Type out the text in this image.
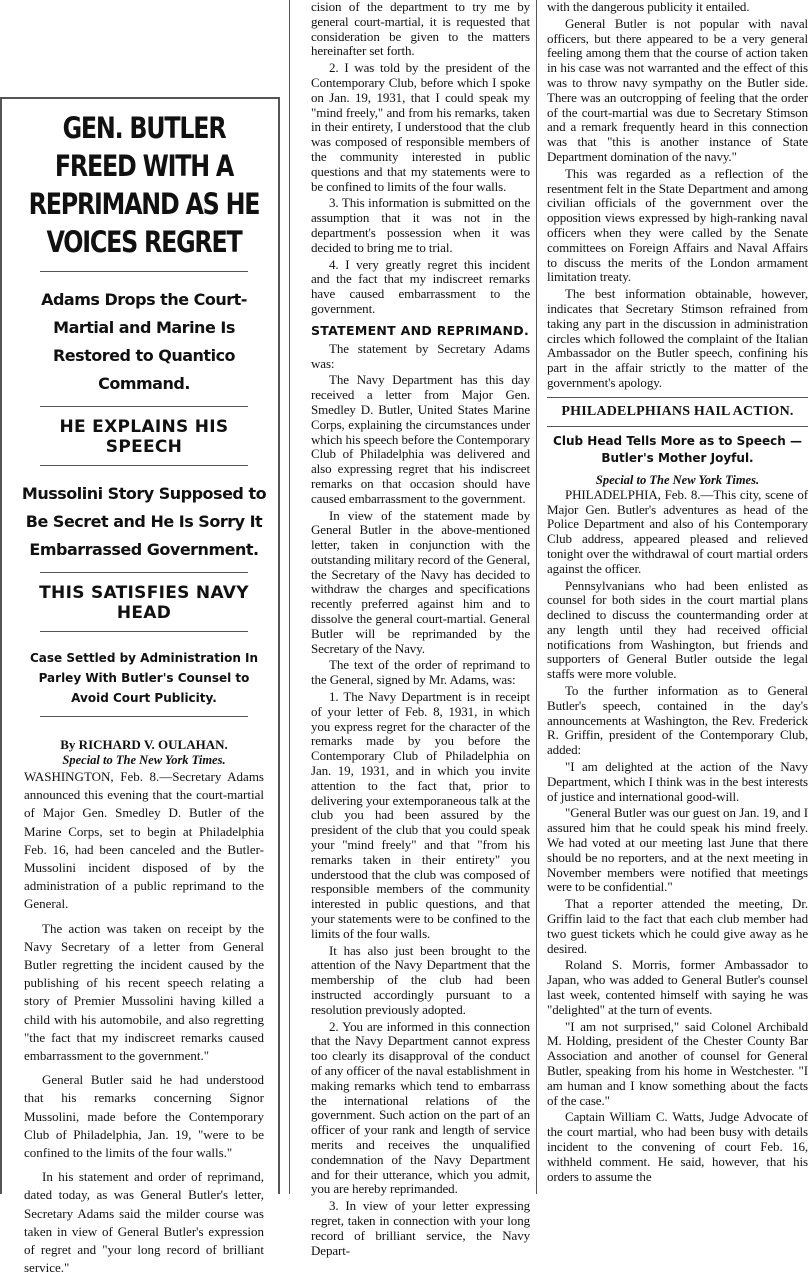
GEN. BUTLER FREED WITH A REPRIMAND AS HE VOICES REGRET
Adams Drops the Court-Martial and Marine Is Restored to Quantico Command.
HE EXPLAINS HIS SPEECH
Mussolini Story Supposed to Be Secret and He Is Sorry It Embarrassed Government.
THIS SATISFIES NAVY HEAD
Case Settled by Administration In Parley With Butler's Counsel to Avoid Court Publicity.
By RICHARD V. OULAHAN.
Special to The New York Times.

WASHINGTON, Feb. 8.—Secretary Adams announced this evening that the court-martial of Major Gen. Smedley D. Butler of the Marine Corps, set to begin at Philadelphia Feb. 16, had been canceled and the Butler-Mussolini incident disposed of by the administration of a public reprimand to the General.

The action was taken on receipt by the Navy Secretary of a letter from General Butler regretting the incident caused by the publishing of his recent speech relating a story of Premier Mussolini having killed a child with his automobile, and also regretting "the fact that my indiscreet remarks caused embarrassment to the government."

General Butler said he had understood that his remarks concerning Signor Mussolini, made before the Contemporary Club of Philadelphia, Jan. 19, "were to be confined to the limits of the four walls."

In his statement and order of reprimand, dated today, as was General Butler's letter, Secretary Adams said the milder course was taken in view of General Butler's expression of regret and "your long record of brilliant service."

cision of the department to try me by general court-martial, it is requested that consideration be given to the matters hereinafter set forth.

2. I was told by the president of the Contemporary Club, before which I spoke on Jan. 19, 1931, that I could speak my "mind freely," and from his remarks, taken in their entirety, I understood that the club was composed of responsible members of the community interested in public questions and that my statements were to be confined to limits of the four walls.

3. This information is submitted on the assumption that it was not in the department's possession when it was decided to bring me to trial.

4. I very greatly regret this incident and the fact that my indiscreet remarks have caused embarrassment to the government.

STATEMENT AND REPRIMAND.

The statement by Secretary Adams was:

The Navy Department has this day received a letter from Major Gen. Smedley D. Butler, United States Marine Corps, explaining the circumstances under which his speech before the Contemporary Club of Philadelphia was delivered and also expressing regret that his indiscreet remarks on that occasion should have caused embarrassment to the government.

In view of the statement made by General Butler in the above-mentioned letter, taken in conjunction with the outstanding military record of the General, the Secretary of the Navy has decided to withdraw the charges and specifications recently preferred against him and to dissolve the general court-martial. General Butler will be reprimanded by the Secretary of the Navy.

The text of the order of reprimand to the General, signed by Mr. Adams, was:

1. The Navy Department is in receipt of your letter of Feb. 8, 1931, in which you express regret for the character of the remarks made by you before the Contemporary Club of Philadelphia on Jan. 19, 1931, and in which you invite attention to the fact that, prior to delivering your extemporaneous talk at the club you had been assured by the president of the club that you could speak your "mind freely" and that "from his remarks taken in their entirety" you understood that the club was composed of responsible members of the community interested in public questions, and that your statements were to be confined to the limits of the four walls.

It has also just been brought to the attention of the Navy Department that the membership of the club had been instructed accordingly pursuant to a resolution previously adopted.

2. You are informed in this connection that the Navy Department cannot express too clearly its disapproval of the conduct of any officer of the naval establishment in making remarks which tend to embarrass the international relations of the government. Such action on the part of an officer of your rank and length of service merits and receives the unqualified condemnation of the Navy Department and for their utterance, which you admit, you are hereby reprimanded.

3. In view of your letter expressing regret, taken in connection with your long record of brilliant service, the Navy Depart-

with the dangerous publicity it entailed.

General Butler is not popular with naval officers, but there appeared to be a very general feeling among them that the course of action taken in his case was not warranted and the effect of this was to throw navy sympathy on the Butler side. There was an outcropping of feeling that the order of the court-martial was due to Secretary Stimson and a remark frequently heard in this connection was that "this is another instance of State Department domination of the navy."

This was regarded as a reflection of the resentment felt in the State Department and among civilian officials of the government over the opposition views expressed by high-ranking naval officers when they were called by the Senate committees on Foreign Affairs and Naval Affairs to discuss the merits of the London armament limitation treaty.

The best information obtainable, however, indicates that Secretary Stimson refrained from taking any part in the discussion in administration circles which followed the complaint of the Italian Ambassador on the Butler speech, confining his part in the affair strictly to the matter of the government's apology.

PHILADELPHIANS HAIL ACTION.
Club Head Tells More as to Speech —Butler's Mother Joyful.
Special to The New York Times.

PHILADELPHIA, Feb. 8.—This city, scene of Major Gen. Butler's adventures as head of the Police Department and also of his Contemporary Club address, appeared pleased and relieved tonight over the withdrawal of court martial orders against the officer.

Pennsylvanians who had been enlisted as counsel for both sides in the court martial plans declined to discuss the countermanding order at any length until they had received official notifications from Washington, but friends and supporters of General Butler outside the legal staffs were more voluble.

To the further information as to General Butler's speech, contained in the day's announcements at Washington, the Rev. Frederick R. Griffin, president of the Contemporary Club, added:

"I am delighted at the action of the Navy Department, which I think was in the best interests of justice and international good-will.

"General Butler was our guest on Jan. 19, and I assured him that he could speak his mind freely. We had voted at our meeting last June that there should be no reporters, and at the next meeting in November members were notified that meetings were to be confidential."

That a reporter attended the meeting, Dr. Griffin laid to the fact that each club member had two guest tickets which he could give away as he desired.

Roland S. Morris, former Ambassador to Japan, who was added to General Butler's counsel last week, contented himself with saying he was "delighted" at the turn of events.

"I am not surprised," said Colonel Archibald M. Holding, president of the Chester County Bar Association and another of counsel for General Butler, speaking from his home in Westchester. "I am human and I know something about the facts of the case."

Captain William C. Watts, Judge Advocate of the court martial, who had been busy with details incident to the convening of court Feb. 16, withheld comment. He said, however, that his orders to assume the
